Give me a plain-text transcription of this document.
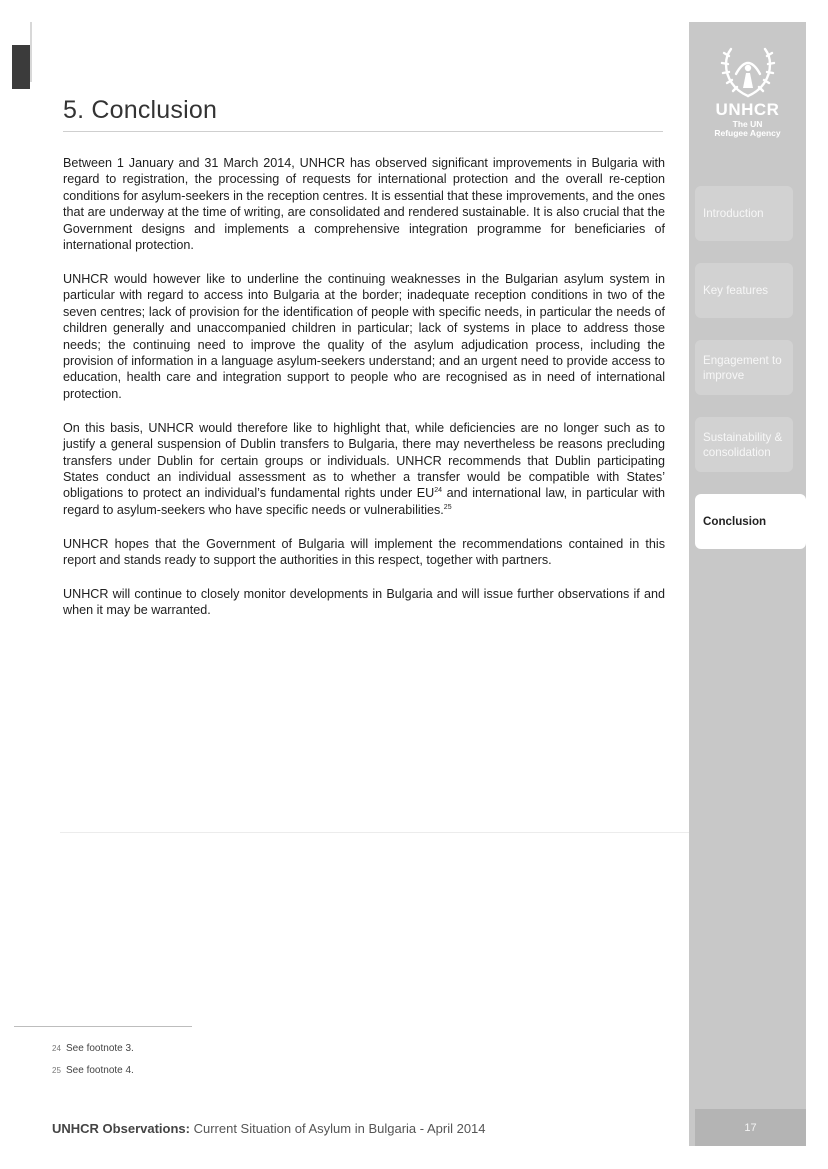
5. Conclusion

Between 1 January and 31 March 2014, UNHCR has observed significant improvements in Bulgaria with regard to registration, the processing of requests for international protection and the overall re-ception conditions for asylum-seekers in the reception centres. It is essential that these improvements, and the ones that are underway at the time of writing, are consolidated and rendered sustainable. It is also crucial that the Government designs and implements a comprehensive integration programme for beneficiaries of international protection.

UNHCR would however like to underline the continuing weaknesses in the Bulgarian asylum system in particular with regard to access into Bulgaria at the border; inadequate reception conditions in two of the seven centres; lack of provision for the identification of people with specific needs, in particular the needs of children generally and unaccompanied children in particular; lack of systems in place to address those needs; the continuing need to improve the quality of the asylum adjudication process, including the provision of information in a language asylum-seekers understand; and an urgent need to provide access to education, health care and integration support to people who are recognised as in need of international protection.

On this basis, UNHCR would therefore like to highlight that, while deficiencies are no longer such as to justify a general suspension of Dublin transfers to Bulgaria, there may nevertheless be reasons precluding transfers under Dublin for certain groups or individuals. UNHCR recommends that Dublin participating States conduct an individual assessment as to whether a transfer would be compatible with States’ obligations to protect an individual’s fundamental rights under EU$^{24}$ and international law, in particular with regard to asylum-seekers who have specific needs or vulnerabilities.$^{25}$

UNHCR hopes that the Government of Bulgaria will implement the recommendations contained in this report and stands ready to support the authorities in this respect, together with partners.

UNHCR will continue to closely monitor developments in Bulgaria and will issue further observations if and when it may be warranted.

24 See footnote 3.
25 See footnote 4.
UNHCR Observations: Current Situation of Asylum in Bulgaria - April 2014
UNHCR
The UN
Refugee Agency
Introduction
Key features
Engagement to improve
Sustainability & consolidation
Conclusion
17
